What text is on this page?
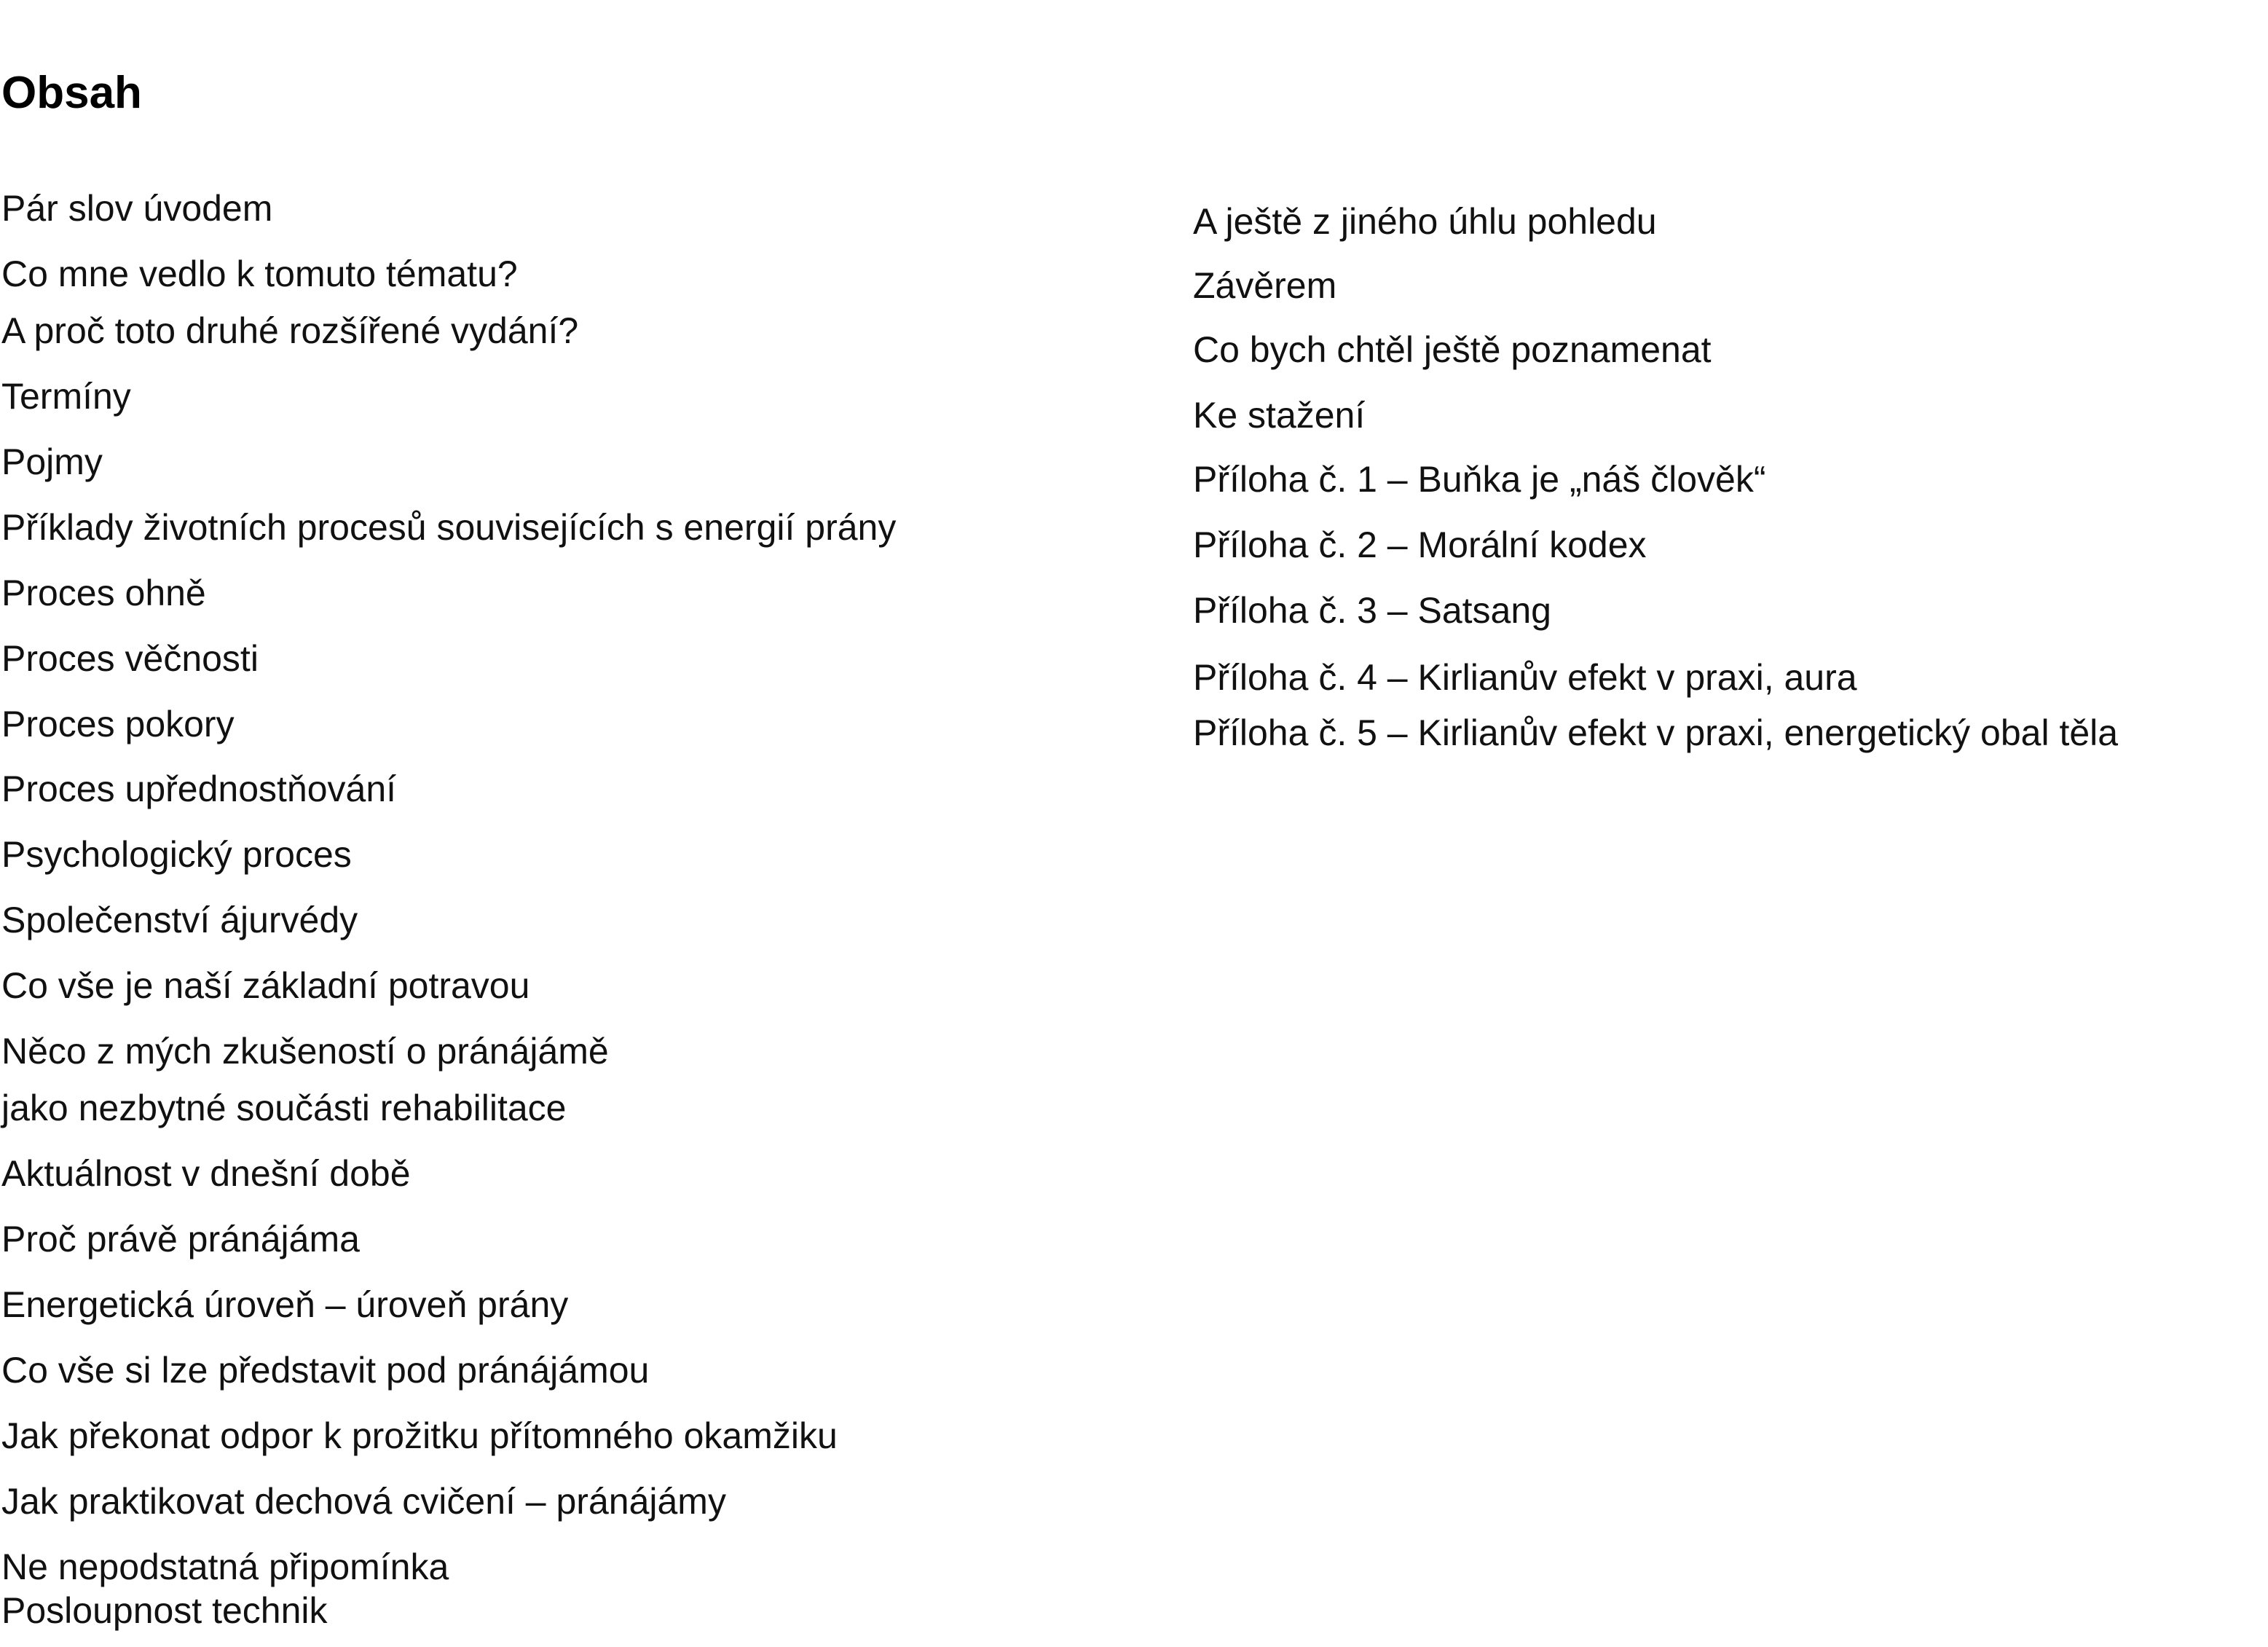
Obsah
Pár slov úvodem
Co mne vedlo k tomuto tématu?
A proč toto druhé rozšířené vydání?
Termíny
Pojmy
Příklady životních procesů souvisejících s energií prány
Proces ohně
Proces věčnosti
Proces pokory
Proces upřednostňování
Psychologický proces
Společenství ájurvédy
Co vše je naší základní potravou
Něco z mých zkušeností o pránájámě
jako nezbytné součásti rehabilitace
Aktuálnost v dnešní době
Proč právě pránájáma
Energetická úroveň – úroveň prány
Co vše si lze představit pod pránájámou
Jak překonat odpor k prožitku přítomného okamžiku
Jak praktikovat dechová cvičení – pránájámy
Ne nepodstatná připomínka
Posloupnost technik
A ještě z jiného úhlu pohledu
Závěrem
Co bych chtěl ještě poznamenat
Ke stažení
Příloha č. 1 – Buňka je „náš člověk“
Příloha č. 2 – Morální kodex
Příloha č. 3 – Satsang
Příloha č. 4 – Kirlianův efekt v praxi, aura
Příloha č. 5 – Kirlianův efekt v praxi, energetický obal těla
